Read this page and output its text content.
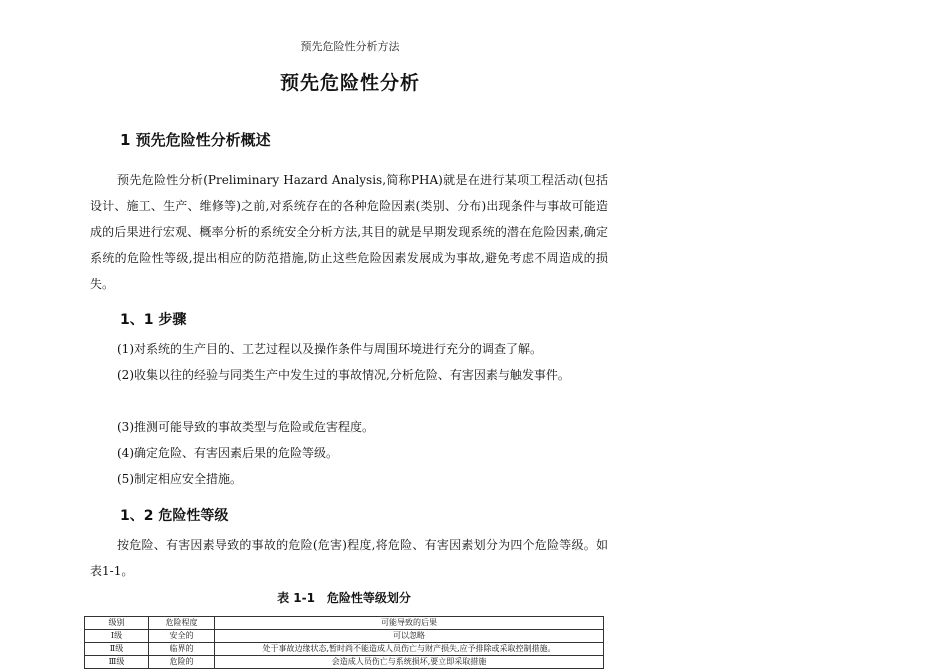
预先危险性分析方法
预先危险性分析
1 预先危险性分析概述

预先危险性分析(Preliminary Hazard Analysis,简称PHA)就是在进行某项工程活动(包括设计、施工、生产、维修等)之前,对系统存在的各种危险因素(类别、分布)出现条件与事故可能造成的后果进行宏观、概率分析的系统安全分析方法,其目的就是早期发现系统的潜在危险因素,确定系统的危险性等级,提出相应的防范措施,防止这些危险因素发展成为事故,避免考虑不周造成的损失。

1、1 步骤

(1)对系统的生产目的、工艺过程以及操作条件与周围环境进行充分的调查了解。

(2)收集以往的经验与同类生产中发生过的事故情况,分析危险、有害因素与触发事件。

(3)推测可能导致的事故类型与危险或危害程度。

(4)确定危险、有害因素后果的危险等级。

(5)制定相应安全措施。

1、2 危险性等级

按危险、有害因素导致的事故的危险(危害)程度,将危险、有害因素划分为四个危险等级。如表1-1。

表 1-1　危险性等级划分
级别	危险程度	可能导致的后果
Ⅰ级	安全的	可以忽略
Ⅱ级	临界的	处于事故边缘状态,暂时尚不能造成人员伤亡与财产损失,应予排除或采取控制措施。
Ⅲ级	危险的	会造成人员伤亡与系统损坏,要立即采取措施
